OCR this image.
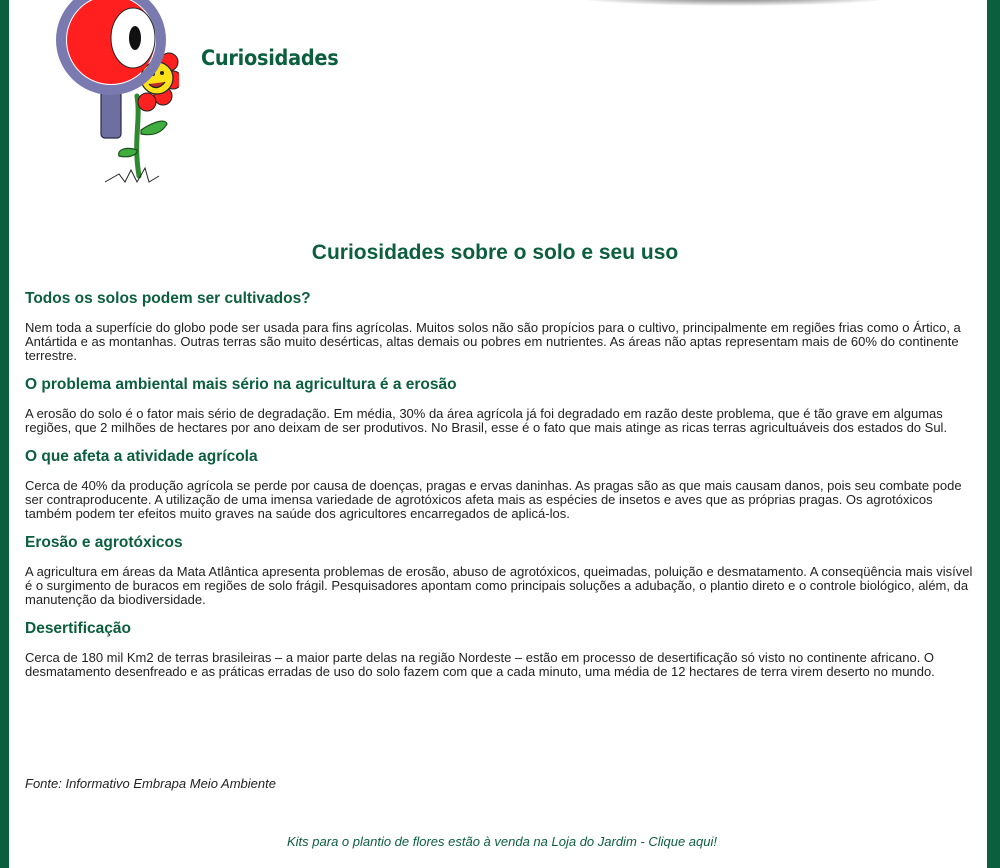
Curiosidades
Curiosidades sobre o solo e seu uso
Todos os solos podem ser cultivados?

Nem toda a superfície do globo pode ser usada para fins agrícolas. Muitos solos não são propícios para o cultivo, principalmente em regiões frias como o Ártico, a Antártida e as montanhas. Outras terras são muito desérticas, altas demais ou pobres em nutrientes. As áreas não aptas representam mais de 60% do continente terrestre.

O problema ambiental mais sério na agricultura é a erosão

A erosão do solo é o fator mais sério de degradação. Em média, 30% da área agrícola já foi degradado em razão deste problema, que é tão grave em algumas regiões, que 2 milhões de hectares por ano deixam de ser produtivos. No Brasil, esse é o fato que mais atinge as ricas terras agricultuáveis dos estados do Sul.

O que afeta a atividade agrícola

Cerca de 40% da produção agrícola se perde por causa de doenças, pragas e ervas daninhas. As pragas são as que mais causam danos, pois seu combate pode ser contraproducente. A utilização de uma imensa variedade de agrotóxicos afeta mais as espécies de insetos e aves que as próprias pragas. Os agrotóxicos também podem ter efeitos muito graves na saúde dos agricultores encarregados de aplicá-los.

Erosão e agrotóxicos

A agricultura em áreas da Mata Atlântica apresenta problemas de erosão, abuso de agrotóxicos, queimadas, poluição e desmatamento. A conseqüência mais visível é o surgimento de buracos em regiões de solo frágil. Pesquisadores apontam como principais soluções a adubação, o plantio direto e o controle biológico, além, da manutenção da biodiversidade.

Desertificação

Cerca de 180 mil Km2 de terras brasileiras – a maior parte delas na região Nordeste – estão em processo de desertificação só visto no continente africano. O desmatamento desenfreado e as práticas erradas de uso do solo fazem com que a cada minuto, uma média de 12 hectares de terra virem deserto no mundo.

Fonte: Informativo Embrapa Meio Ambiente
Kits para o plantio de flores estão à venda na Loja do Jardim - Clique aqui!
